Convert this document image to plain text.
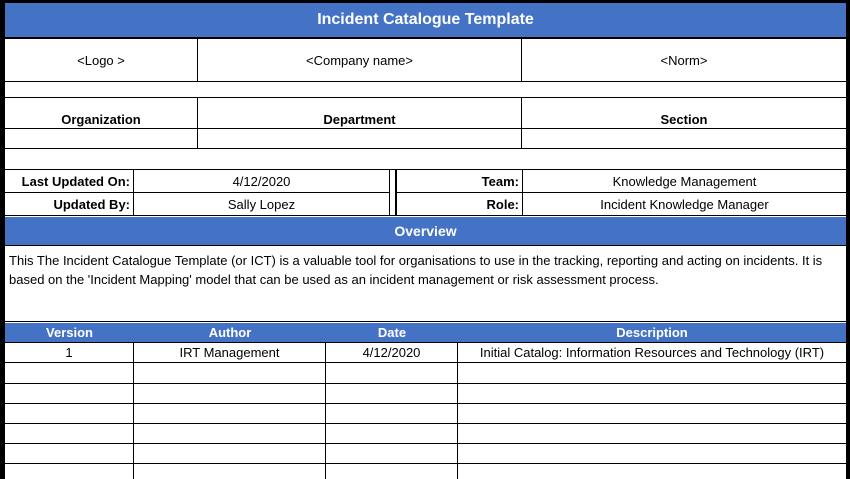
Incident Catalogue Template
<Logo >	<Company name>	<Norm>
Organization	Department	Section
Last Updated On:	4/12/2020
Updated By:	Sally Lopez
Team:	Knowledge Management
Role:	Incident Knowledge Manager
Overview
This The Incident Catalogue Template (or ICT) is a valuable tool for organisations to use in the tracking, reporting and acting on incidents. It is based on the 'Incident Mapping' model that can be used as an incident management or risk assessment process.
Version	Author	Date	Description
1	IRT Management	4/12/2020	Initial Catalog: Information Resources and Technology (IRT)
